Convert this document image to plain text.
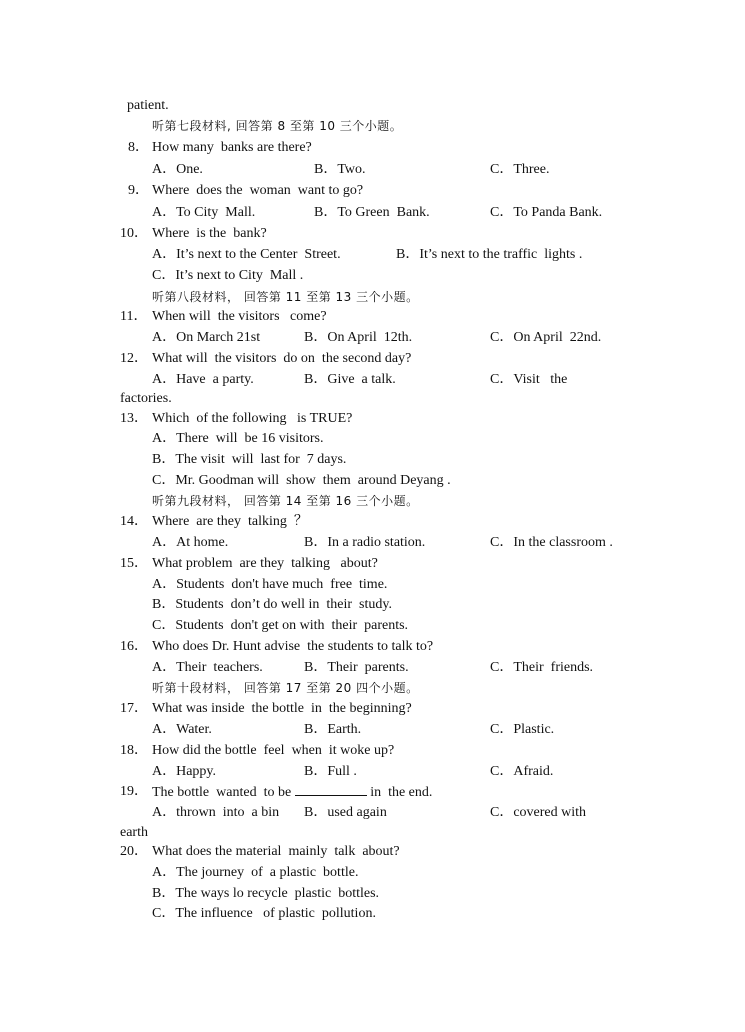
patient.
听第七段材料, 回答第 8 至第 10 三个小题。
8． How many  banks are there?
A．One.	B．Two.	C．Three.
9． Where  does the  woman  want to go?
A．To City  Mall.	B．To Green  Bank.	C．To Panda Bank.
10． Where  is the  bank?
A．It’s next to the Center  Street.	B．It’s next to the traffic  lights .
C．It’s next to City  Mall .
听第八段材料， 回答第 11 至第 13 三个小题。
11． When will  the visitors   come?
A．On March 21st	B．On April  12th.	C．On April  22nd.
12． What will  the visitors  do on  the second day?
A．Have  a party.	B．Give  a talk.	C．Visit   the
factories.
13． Which  of the following   is TRUE?
A．There  will  be 16 visitors.
B．The visit  will  last for  7 days.
C．Mr. Goodman will  show  them  around Deyang .
听第九段材料， 回答第 14 至第 16 三个小题。
14． Where  are they  talking  ？
A．At home.	B．In a radio station.	C．In the classroom .
15． What problem  are they  talking   about?
A．Students  don't have much  free  time.
B．Students  don’t do well in  their  study.
C．Students  don't get on with  their  parents.
16． Who does Dr. Hunt advise  the students to talk to?
A．Their  teachers.	B．Their  parents.	C．Their  friends.
听第十段材料， 回答第 17 至第 20 四个小题。
17． What was inside  the bottle  in  the beginning?
A．Water.	B．Earth.	C．Plastic.
18． How did the bottle  feel  when  it woke up?
A．Happy.	B．Full .	C．Afraid.
19． The bottle  wanted  to be	in  the end.
A．thrown  into  a bin B．used again	C．covered with
earth
20． What does the material  mainly  talk  about?
A．The journey  of  a plastic  bottle.
B．The ways lo recycle  plastic  bottles.
C．The influence   of plastic  pollution.
